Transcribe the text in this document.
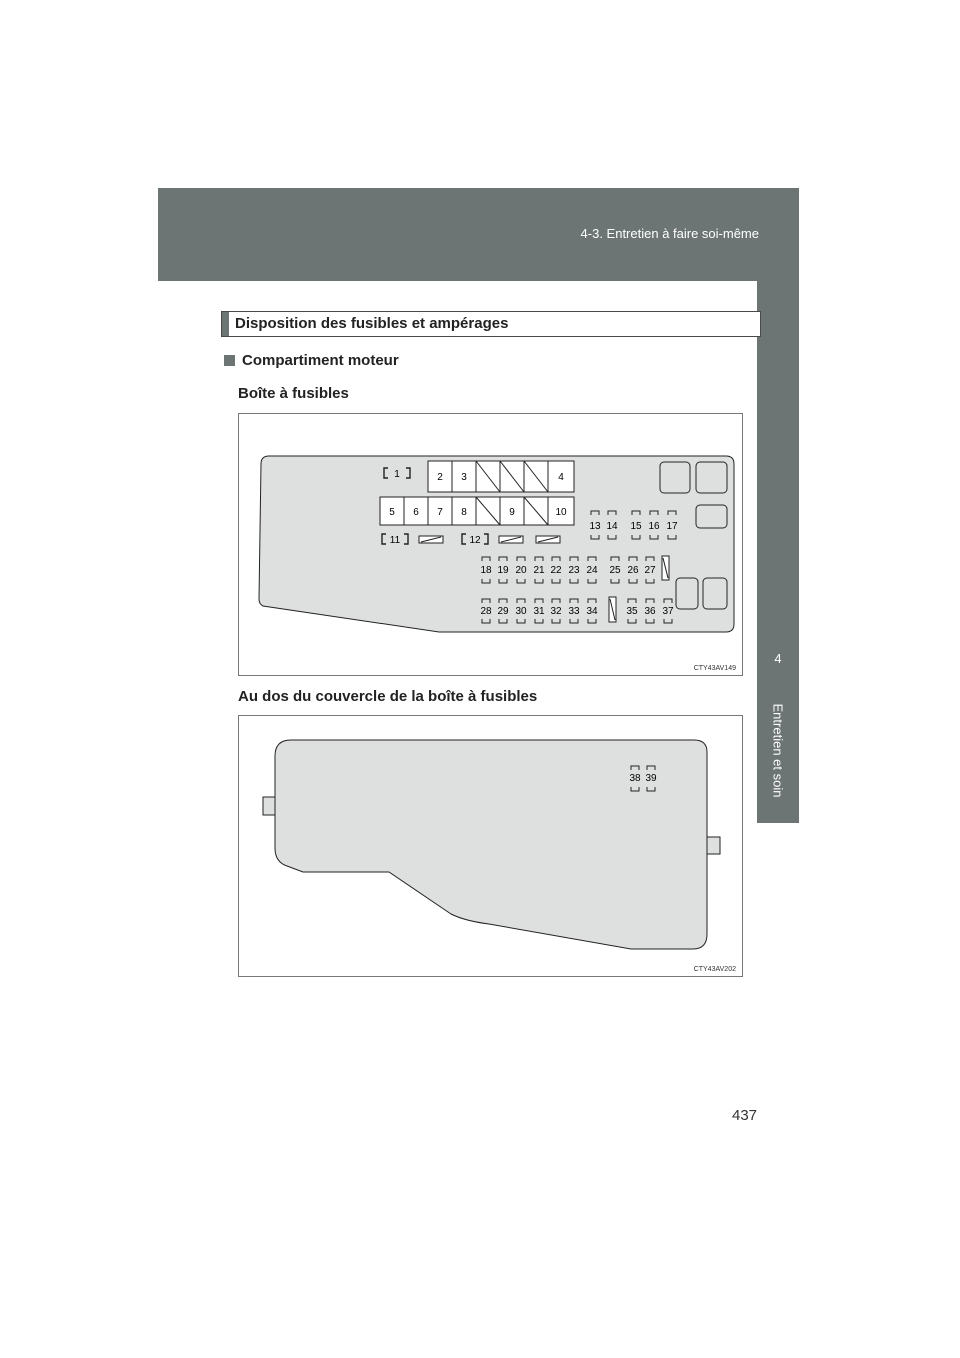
4-3. Entretien à faire soi-même
4
Entretien et soin
Disposition des fusibles et ampérages
Compartiment moteur
Boîte à fusibles
1	2 3	4
5 6 7 8	9	10
11	12
13 14 15 16 17
18 19 20 21 22 23 24 25 26 27
28 29 30 31 32 33 34	35 36 37
CTY43AV149
Au dos du couvercle de la boîte à fusibles
38 39
CTY43AV202
437
